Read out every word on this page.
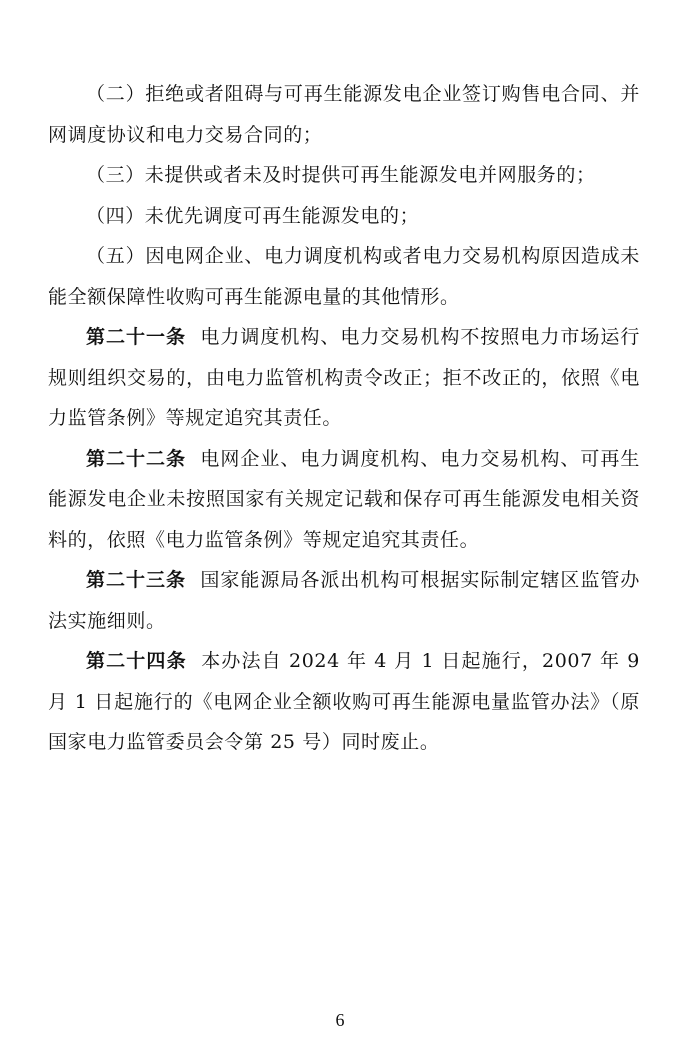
（二）拒绝或者阻碍与可再生能源发电企业签订购售电合同、并网调度协议和电力交易合同的；

（三）未提供或者未及时提供可再生能源发电并网服务的；

（四）未优先调度可再生能源发电的；

（五）因电网企业、电力调度机构或者电力交易机构原因造成未能全额保障性收购可再生能源电量的其他情形。

第二十一条 电力调度机构、电力交易机构不按照电力市场运行规则组织交易的，由电力监管机构责令改正；拒不改正的，依照《电力监管条例》等规定追究其责任。

第二十二条 电网企业、电力调度机构、电力交易机构、可再生能源发电企业未按照国家有关规定记载和保存可再生能源发电相关资料的，依照《电力监管条例》等规定追究其责任。

第二十三条 国家能源局各派出机构可根据实际制定辖区监管办法实施细则。

第二十四条 本办法自 2024 年 4 月 1 日起施行，2007 年 9 月 1 日起施行的《电网企业全额收购可再生能源电量监管办法》（原国家电力监管委员会令第 25 号）同时废止。

6
